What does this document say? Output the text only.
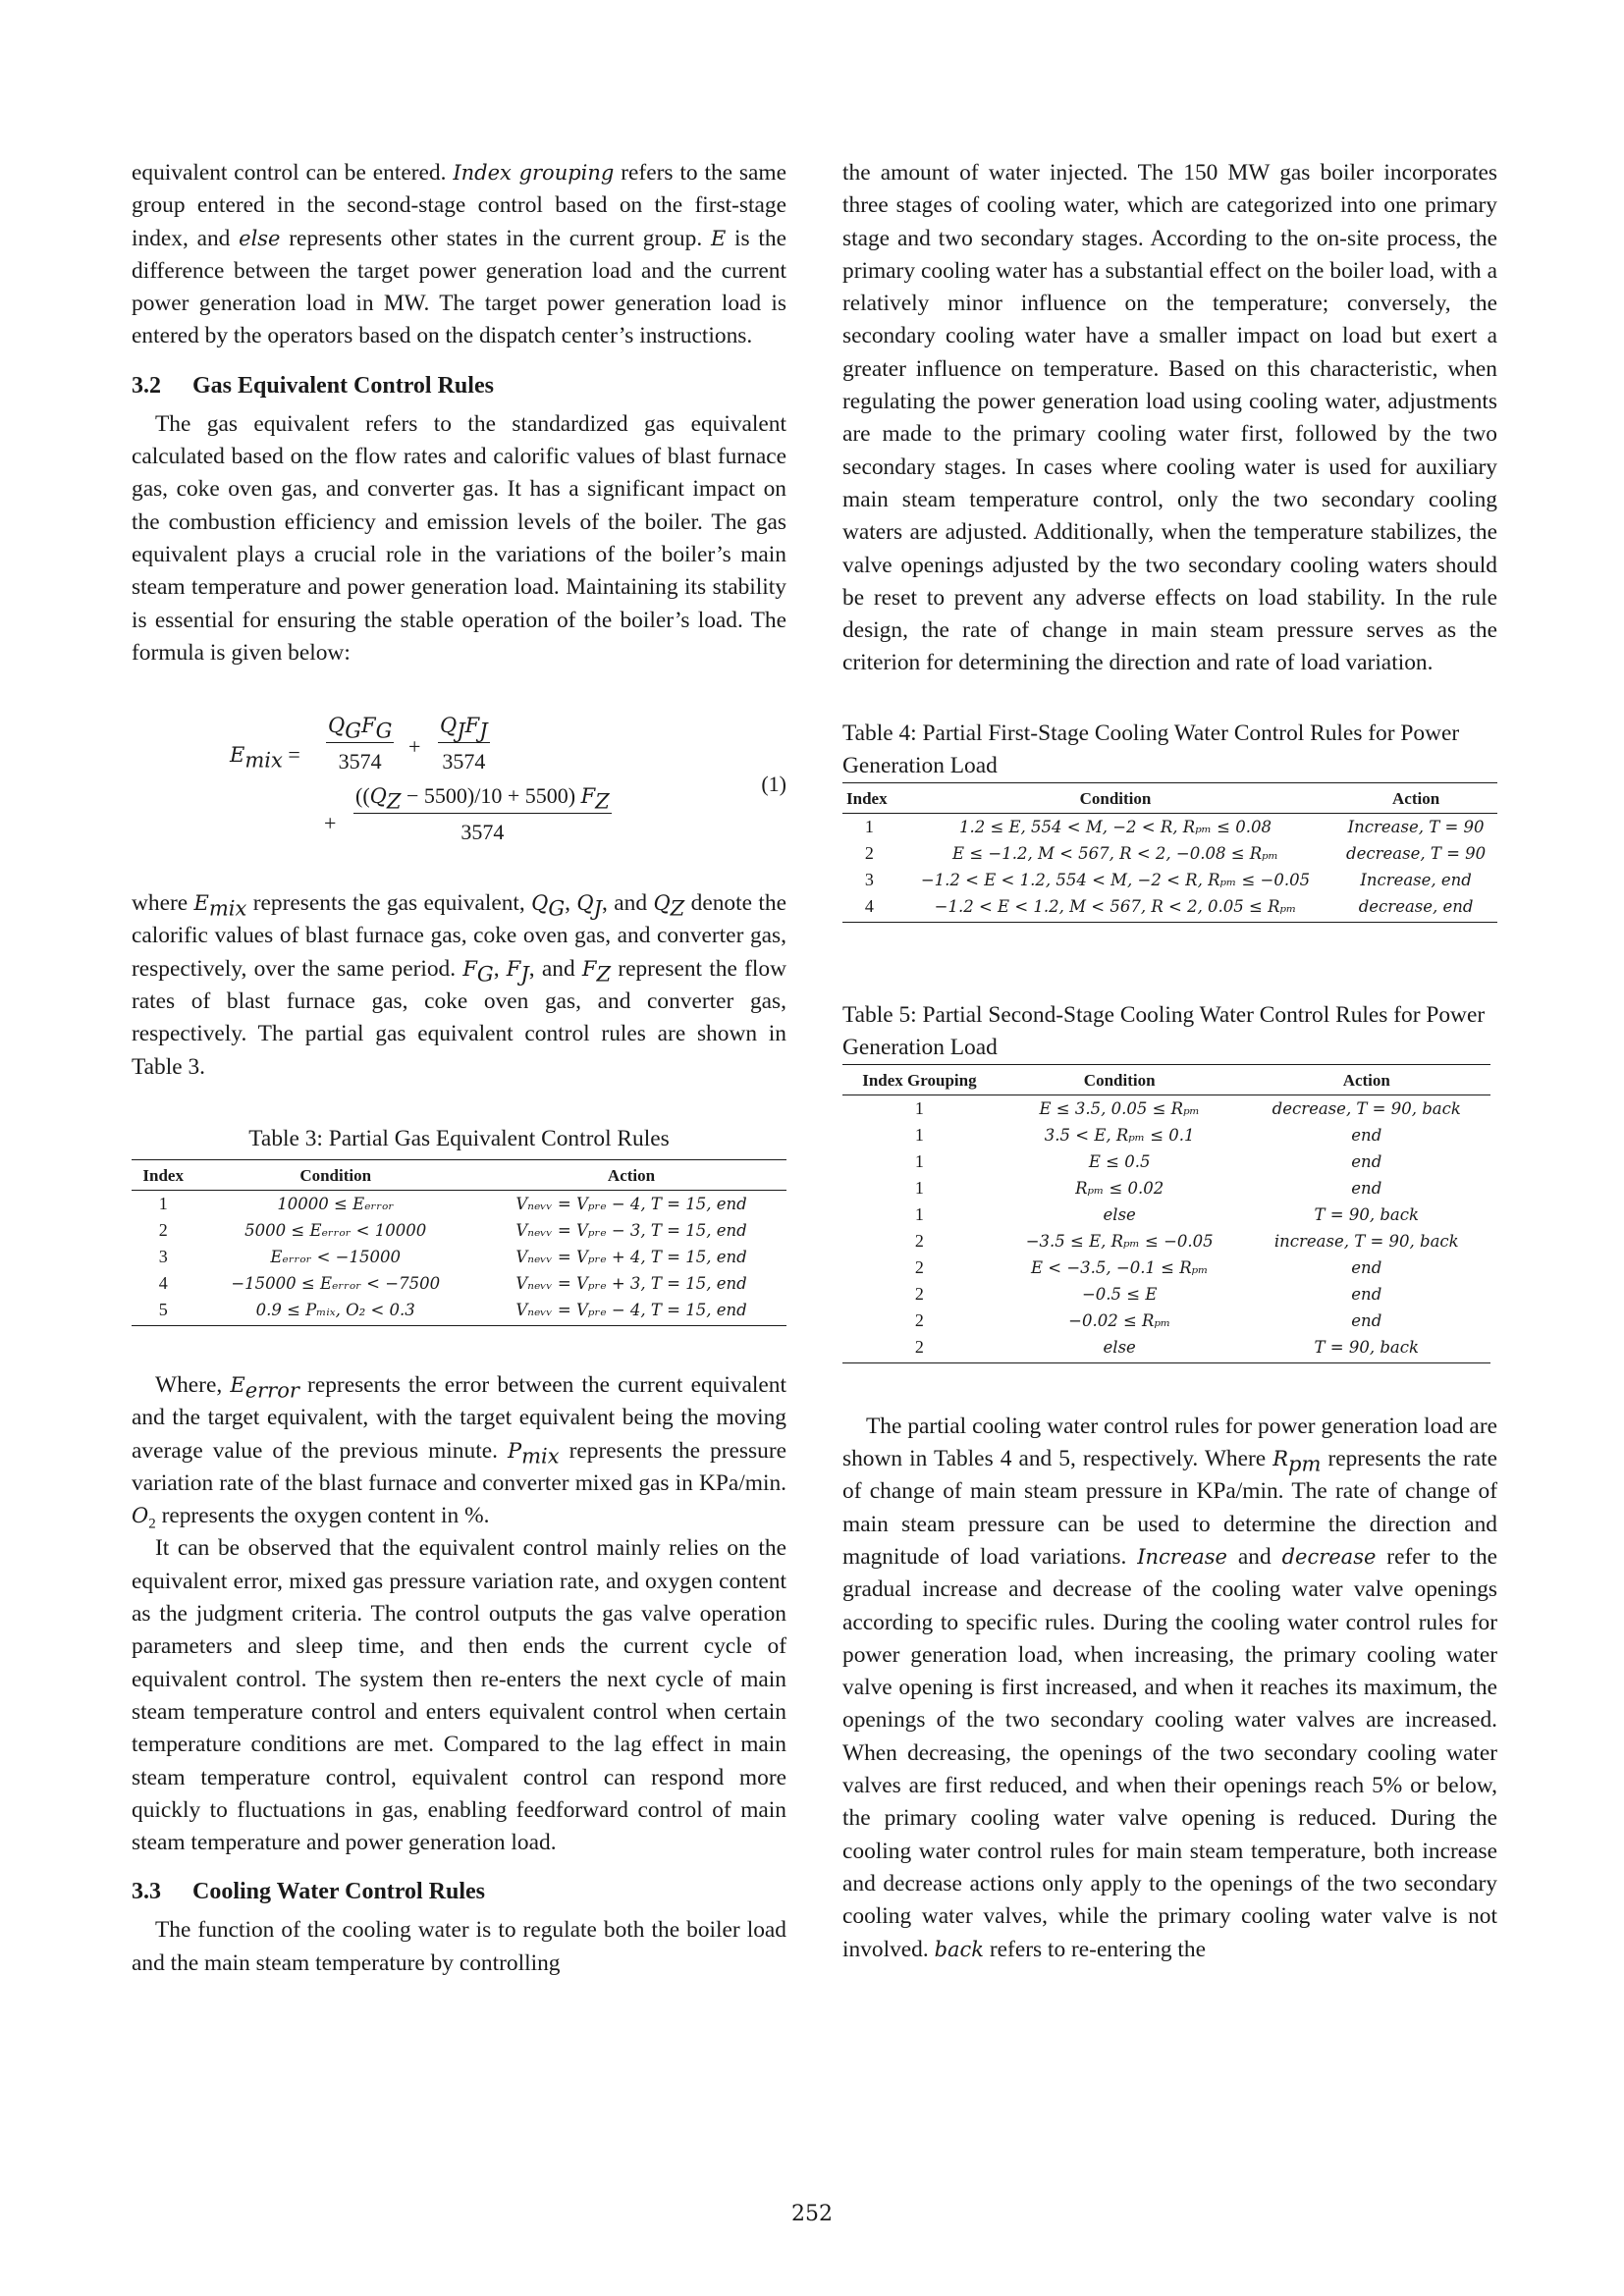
equivalent control can be entered. Index grouping refers to the same group entered in the second-stage control based on the first-stage index, and else represents other states in the current group. E is the difference between the target power generation load and the current power generation load in MW. The target power generation load is entered by the operators based on the dispatch center’s instructions.

3.2 Gas Equivalent Control Rules

The gas equivalent refers to the standardized gas equivalent calculated based on the flow rates and calorific values of blast furnace gas, coke oven gas, and converter gas. It has a significant impact on the combustion efficiency and emission levels of the boiler. The gas equivalent plays a crucial role in the variations of the boiler’s main steam temperature and power generation load. Maintaining its stability is essential for ensuring the stable operation of the boiler’s load. The formula is given below:

$E_{mix}$ =
$Q_GF_G$
3574
+
$Q_JF_J$
3574
+ $\frac{((Q_Z - 5500)/10 + 5500) F_Z}{3574}$	(1)

where $E_{mix}$ represents the gas equivalent, $Q_G$, $Q_J$, and $Q_Z$ denote the calorific values of blast furnace gas, coke oven gas, and converter gas, respectively, over the same period. $F_G$, $F_J$, and $F_Z$ represent the flow rates of blast furnace gas, coke oven gas, and converter gas, respectively. The partial gas equivalent control rules are shown in Table 3.

Table 3: Partial Gas Equivalent Control Rules

Index	Condition	Action
1	10000 ≤ Eₑᵣᵣₒᵣ	Vₙₑᵥᵥ = Vₚᵣₑ − 4, T = 15, end
2	5000 ≤ Eₑᵣᵣₒᵣ < 10000	Vₙₑᵥᵥ = Vₚᵣₑ − 3, T = 15, end
3	Eₑᵣᵣₒᵣ < −15000	Vₙₑᵥᵥ = Vₚᵣₑ + 4, T = 15, end
4	−15000 ≤ Eₑᵣᵣₒᵣ < −7500	Vₙₑᵥᵥ = Vₚᵣₑ + 3, T = 15, end
5	0.9 ≤ Pₘᵢₓ, O₂ < 0.3	Vₙₑᵥᵥ = Vₚᵣₑ − 4, T = 15, end

Where, $E_{error}$ represents the error between the current equivalent and the target equivalent, with the target equivalent being the moving average value of the previous minute. $P_{mix}$ represents the pressure variation rate of the blast furnace and converter mixed gas in KPa/min. $O_2$ represents the oxygen content in %.

It can be observed that the equivalent control mainly relies on the equivalent error, mixed gas pressure variation rate, and oxygen content as the judgment criteria. The control outputs the gas valve operation parameters and sleep time, and then ends the current cycle of equivalent control. The system then re-enters the next cycle of main steam temperature control and enters equivalent control when certain temperature conditions are met. Compared to the lag effect in main steam temperature control, equivalent control can respond more quickly to fluctuations in gas, enabling feedforward control of main steam temperature and power generation load.

3.3 Cooling Water Control Rules

The function of the cooling water is to regulate both the boiler load and the main steam temperature by controlling

the amount of water injected. The 150 MW gas boiler incorporates three stages of cooling water, which are categorized into one primary stage and two secondary stages. According to the on-site process, the primary cooling water has a substantial effect on the boiler load, with a relatively minor influence on the temperature; conversely, the secondary cooling water have a smaller impact on load but exert a greater influence on temperature. Based on this characteristic, when regulating the power generation load using cooling water, adjustments are made to the primary cooling water first, followed by the two secondary stages. In cases where cooling water is used for auxiliary main steam temperature control, only the two secondary cooling waters are adjusted. Additionally, when the temperature stabilizes, the valve openings adjusted by the two secondary cooling waters should be reset to prevent any adverse effects on load stability. In the rule design, the rate of change in main steam pressure serves as the criterion for determining the direction and rate of load variation.

Table 4: Partial First-Stage Cooling Water Control Rules for Power Generation Load

Index	Condition	Action
1	1.2 ≤ E, 554 < M, −2 < R, Rₚₘ ≤ 0.08	Increase, T = 90
2	E ≤ −1.2, M < 567, R < 2, −0.08 ≤ Rₚₘ	decrease, T = 90
3	−1.2 < E < 1.2, 554 < M, −2 < R, Rₚₘ ≤ −0.05	Increase, end
4	−1.2 < E < 1.2, M < 567, R < 2, 0.05 ≤ Rₚₘ	decrease, end

Table 5: Partial Second-Stage Cooling Water Control Rules for Power Generation Load

Index Grouping	Condition	Action
1	E ≤ 3.5, 0.05 ≤ Rₚₘ	decrease, T = 90, back
1	3.5 < E, Rₚₘ ≤ 0.1	end
1	E ≤ 0.5	end
1	Rₚₘ ≤ 0.02	end
1	else	T = 90, back
2	−3.5 ≤ E, Rₚₘ ≤ −0.05	increase, T = 90, back
2	E < −3.5, −0.1 ≤ Rₚₘ	end
2	−0.5 ≤ E	end
2	−0.02 ≤ Rₚₘ	end
2	else	T = 90, back

The partial cooling water control rules for power generation load are shown in Tables 4 and 5, respectively. Where $R_{pm}$ represents the rate of change of main steam pressure in KPa/min. The rate of change of main steam pressure can be used to determine the direction and magnitude of load variations. Increase and decrease refer to the gradual increase and decrease of the cooling water valve openings according to specific rules. During the cooling water control rules for power generation load, when increasing, the primary cooling water valve opening is first increased, and when it reaches its maximum, the openings of the two secondary cooling water valves are increased. When decreasing, the openings of the two secondary cooling water valves are first reduced, and when their openings reach 5% or below, the primary cooling water valve opening is reduced. During the cooling water control rules for main steam temperature, both increase and decrease actions only apply to the openings of the two secondary cooling water valves, while the primary cooling water valve is not involved. back refers to re-entering the

252
